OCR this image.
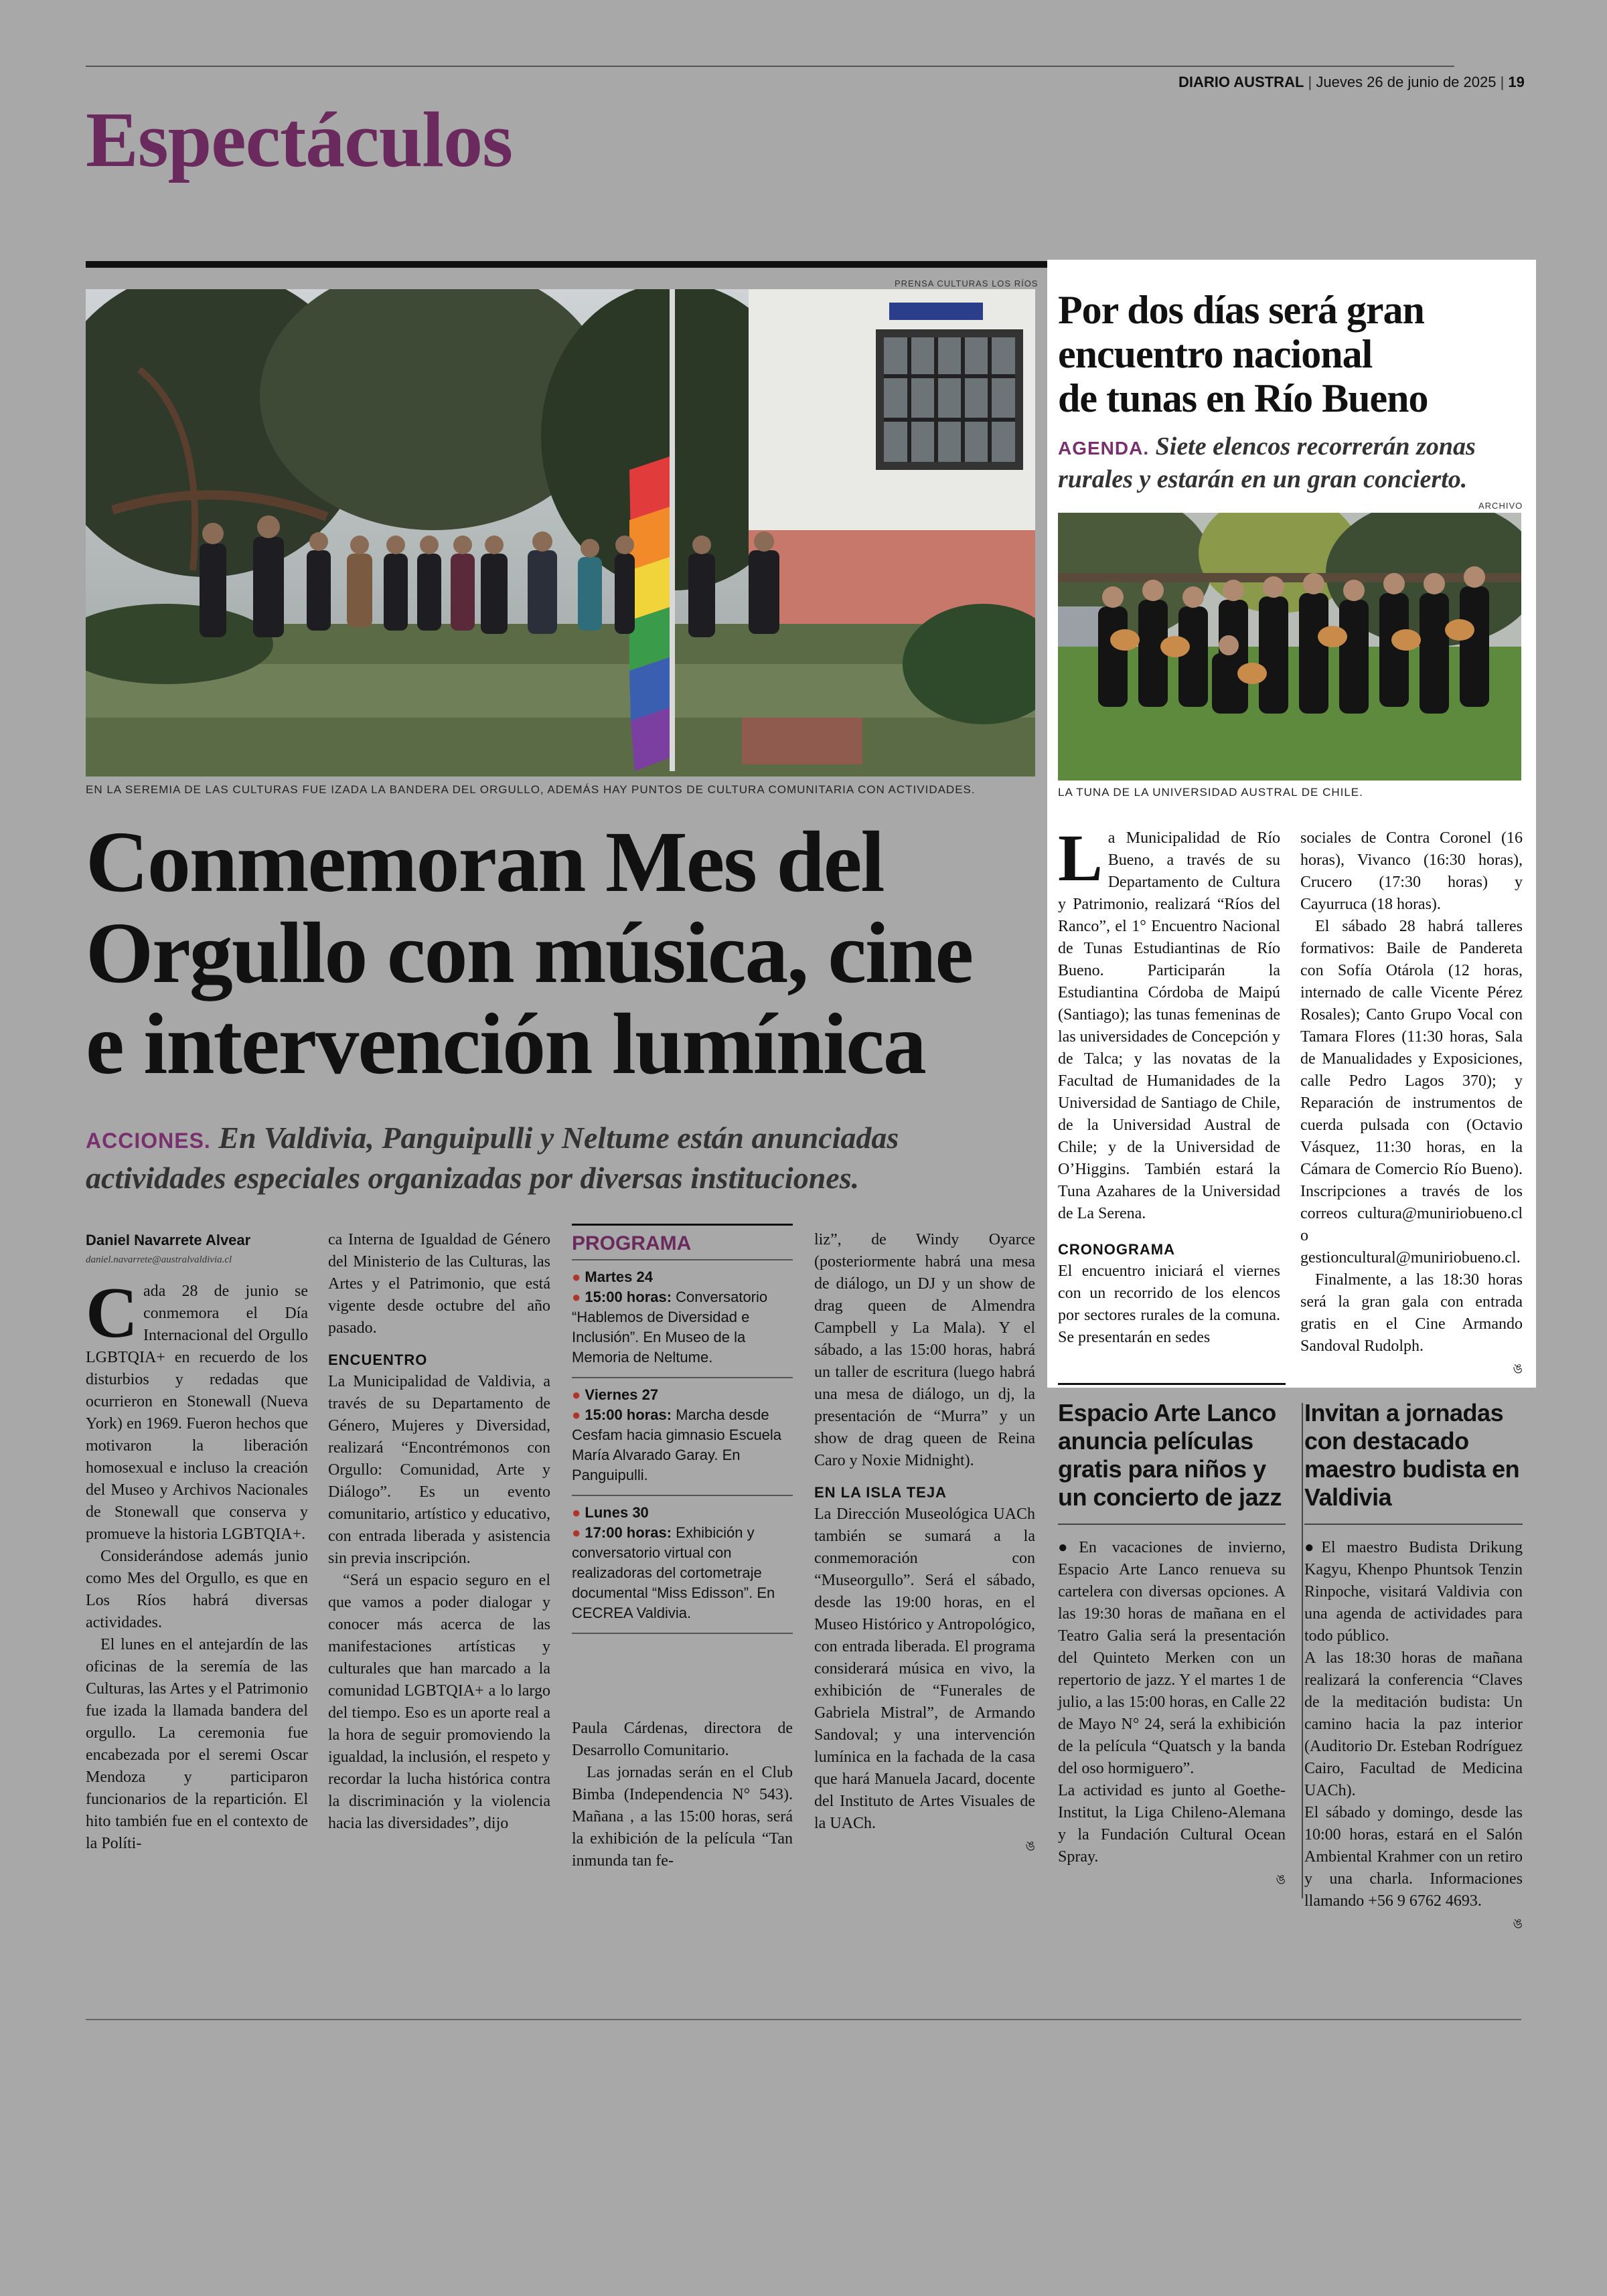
DIARIO AUSTRAL | Jueves 26 de junio de 2025 | 19
Espectáculos
PRENSA CULTURAS LOS RÍOS
EN LA SEREMIA DE LAS CULTURAS FUE IZADA LA BANDERA DEL ORGULLO, ADEMÁS HAY PUNTOS DE CULTURA COMUNITARIA CON ACTIVIDADES.
Conmemoran Mes del
Orgullo con música, cine
e intervención lumínica
ACCIONES. En Valdivia, Panguipulli y Neltume están anunciadas actividades especiales organizadas por diversas instituciones.

Daniel Navarrete Alvear

daniel.navarrete@australvaldivia.cl

Cada 28 de junio se conmemora el Día Internacional del Orgullo LGBTQIA+ en recuerdo de los disturbios y redadas que ocurrieron en Stonewall (Nueva York) en 1969. Fueron hechos que motivaron la liberación homosexual e incluso la creación del Museo y Archivos Nacionales de Stonewall que conserva y promueve la historia LGBTQIA+.

Considerándose además junio como Mes del Orgullo, es que en Los Ríos habrá diversas actividades.

El lunes en el antejardín de las oficinas de la seremía de las Culturas, las Artes y el Patrimonio fue izada la llamada bandera del orgullo. La ceremonia fue encabezada por el seremi Oscar Mendoza y participaron funcionarios de la repartición. El hito también fue en el contexto de la Políti-

ca Interna de Igualdad de Género del Ministerio de las Culturas, las Artes y el Patrimonio, que está vigente desde octubre del año pasado.

ENCUENTRO

La Municipalidad de Valdivia, a través de su Departamento de Género, Mujeres y Diversidad, realizará “Encontrémonos con Orgullo: Comunidad, Arte y Diálogo”. Es un evento comunitario, artístico y educativo, con entrada liberada y asistencia sin previa inscripción.

“Será un espacio seguro en el que vamos a poder dialogar y conocer más acerca de las manifestaciones artísticas y culturales que han marcado a la comunidad LGBTQIA+ a lo largo del tiempo. Eso es un aporte real a la hora de seguir promoviendo la igualdad, la inclusión, el respeto y recordar la lucha histórica contra la discriminación y la violencia hacia las diversidades”, dijo

PROGRAMA
● Martes 24
● 15:00 horas: Conversatorio “Hablemos de Diversidad e Inclusión”. En Museo de la Memoria de Neltume.
● Viernes 27
● 15:00 horas: Marcha desde Cesfam hacia gimnasio Escuela María Alvarado Garay. En Panguipulli.
● Lunes 30
● 17:00 horas: Exhibición y conversatorio virtual con realizadoras del cortometraje documental “Miss Edisson”. En CECREA Valdivia.

Paula Cárdenas, directora de Desarrollo Comunitario.

Las jornadas serán en el Club Bimba (Independencia N° 543). Mañana , a las 15:00 horas, será la exhibición de la película “Tan inmunda tan fe-

liz”, de Windy Oyarce (posteriormente habrá una mesa de diálogo, un DJ y un show de drag queen de Almendra Campbell y La Mala). Y el sábado, a las 15:00 horas, habrá un taller de escritura (luego habrá una mesa de diálogo, un dj, la presentación de “Murra” y un show de drag queen de Reina Caro y Noxie Midnight).

EN LA ISLA TEJA

La Dirección Museológica UACh también se sumará a la conmemoración con “Museorgullo”. Será el sábado, desde las 19:00 horas, en el Museo Histórico y Antropológico, con entrada liberada. El programa considerará música en vivo, la exhibición de “Funerales de Gabriela Mistral”, de Armando Sandoval; y una intervención lumínica en la fachada de la casa que hará Manuela Jacard, docente del Instituto de Artes Visuales de la UACh.

ঙ

Por dos días será gran
encuentro nacional
de tunas en Río Bueno
AGENDA. Siete elencos recorrerán zonas rurales y estarán en un gran concierto.
ARCHIVO
LA TUNA DE LA UNIVERSIDAD AUSTRAL DE CHILE.

La Municipalidad de Río Bueno, a través de su Departamento de Cultura y Patrimonio, realizará “Ríos del Ranco”, el 1° Encuentro Nacional de Tunas Estudiantinas de Río Bueno. Participarán la Estudiantina Córdoba de Maipú (Santiago); las tunas femeninas de las universidades de Concepción y de Talca; y las novatas de la Facultad de Humanidades de la Universidad de Santiago de Chile, de la Universidad Austral de Chile; y de la Universidad de O’Higgins. También estará la Tuna Azahares de la Universidad de La Serena.

CRONOGRAMA

El encuentro iniciará el viernes con un recorrido de los elencos por sectores rurales de la comuna. Se presentarán en sedes

sociales de Contra Coronel (16 horas), Vivanco (16:30 horas), Crucero (17:30 horas) y Cayurruca (18 horas).

El sábado 28 habrá talleres formativos: Baile de Pandereta con Sofía Otárola (12 horas, internado de calle Vicente Pérez Rosales); Canto Grupo Vocal con Tamara Flores (11:30 horas, Sala de Manualidades y Exposiciones, calle Pedro Lagos 370); y Reparación de instrumentos de cuerda pulsada con (Octavio Vásquez, 11:30 horas, en la Cámara de Comercio Río Bueno). Inscripciones a través de los correos cultura@muniriobueno.cl o gestioncultural@muniriobueno.cl.

Finalmente, a las 18:30 horas será la gran gala con entrada gratis en el Cine Armando Sandoval Rudolph.

ঙ

Espacio Arte Lanco anuncia películas gratis para niños y un concierto de jazz

●En vacaciones de invierno, Espacio Arte Lanco renueva su cartelera con diversas opciones. A las 19:30 horas de mañana en el Teatro Galia será la presentación del Quinteto Merken con un repertorio de jazz. Y el martes 1 de julio, a las 15:00 horas, en Calle 22 de Mayo N° 24, será la exhibición de la película “Quatsch y la banda del oso hormiguero”.

La actividad es junto al Goethe-Institut, la Liga Chileno-Alemana y la Fundación Cultural Ocean Spray.

ঙ

Invitan a jornadas con destacado maestro budista en Valdivia

●El maestro Budista Drikung Kagyu, Khenpo Phuntsok Tenzin Rinpoche, visitará Valdivia con una agenda de actividades para todo público.

A las 18:30 horas de mañana realizará la conferencia “Claves de la meditación budista: Un camino hacia la paz interior (Auditorio Dr. Esteban Rodríguez Cairo, Facultad de Medicina UACh).

El sábado y domingo, desde las 10:00 horas, estará en el Salón Ambiental Krahmer con un retiro y una charla. Informaciones llamando +56 9 6762 4693.

ঙ
